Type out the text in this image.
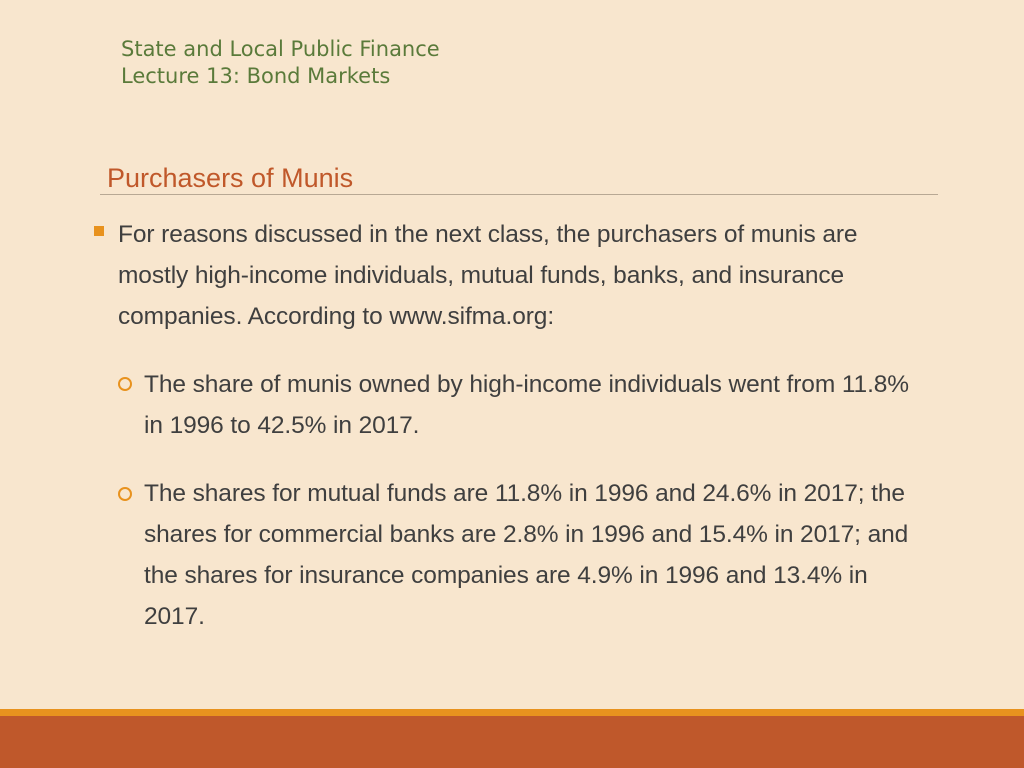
State and Local Public Finance
Lecture 13: Bond Markets
Purchasers of Munis
For reasons discussed in the next class, the purchasers of munis are mostly high-income individuals, mutual funds, banks, and insurance companies. According to www.sifma.org:
The share of munis owned by high-income individuals went from 11.8% in 1996 to 42.5% in 2017.
The shares for mutual funds are 11.8% in 1996 and 24.6% in 2017; the shares for commercial banks are 2.8% in 1996 and 15.4% in 2017; and the shares for insurance companies are 4.9% in 1996 and 13.4% in 2017.
